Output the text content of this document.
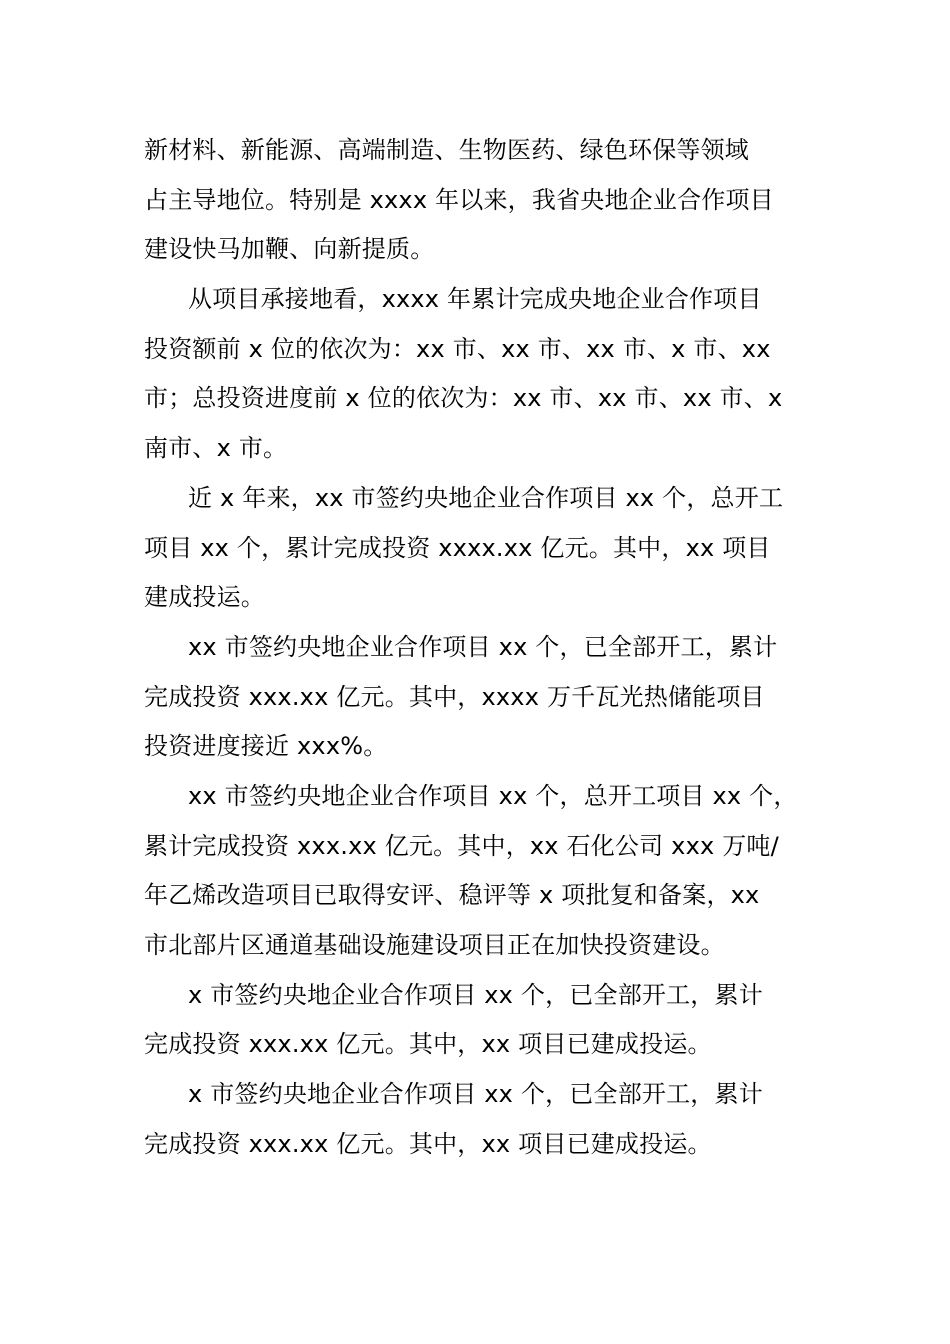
新材料、新能源、高端制造、生物医药、绿色环保等领域
占主导地位。特别是 xxxx 年以来，我省央地企业合作项目
建设快马加鞭、向新提质。
从项目承接地看，xxxx 年累计完成央地企业合作项目
投资额前 x 位的依次为：xx 市、xx 市、xx 市、x 市、xx
市；总投资进度前 x 位的依次为：xx 市、xx 市、xx 市、x
南市、x 市。
近 x 年来，xx 市签约央地企业合作项目 xx 个，总开工
项目 xx 个，累计完成投资 xxxx.xx 亿元。其中，xx 项目
建成投运。
xx 市签约央地企业合作项目 xx 个，已全部开工，累计
完成投资 xxx.xx 亿元。其中，xxxx 万千瓦光热储能项目
投资进度接近 xxx%。
xx 市签约央地企业合作项目 xx 个，总开工项目 xx 个，
累计完成投资 xxx.xx 亿元。其中，xx 石化公司 xxx 万吨/
年乙烯改造项目已取得安评、稳评等 x 项批复和备案，xx
市北部片区通道基础设施建设项目正在加快投资建设。
x 市签约央地企业合作项目 xx 个，已全部开工，累计
完成投资 xxx.xx 亿元。其中，xx 项目已建成投运。
x 市签约央地企业合作项目 xx 个，已全部开工，累计
完成投资 xxx.xx 亿元。其中，xx 项目已建成投运。
